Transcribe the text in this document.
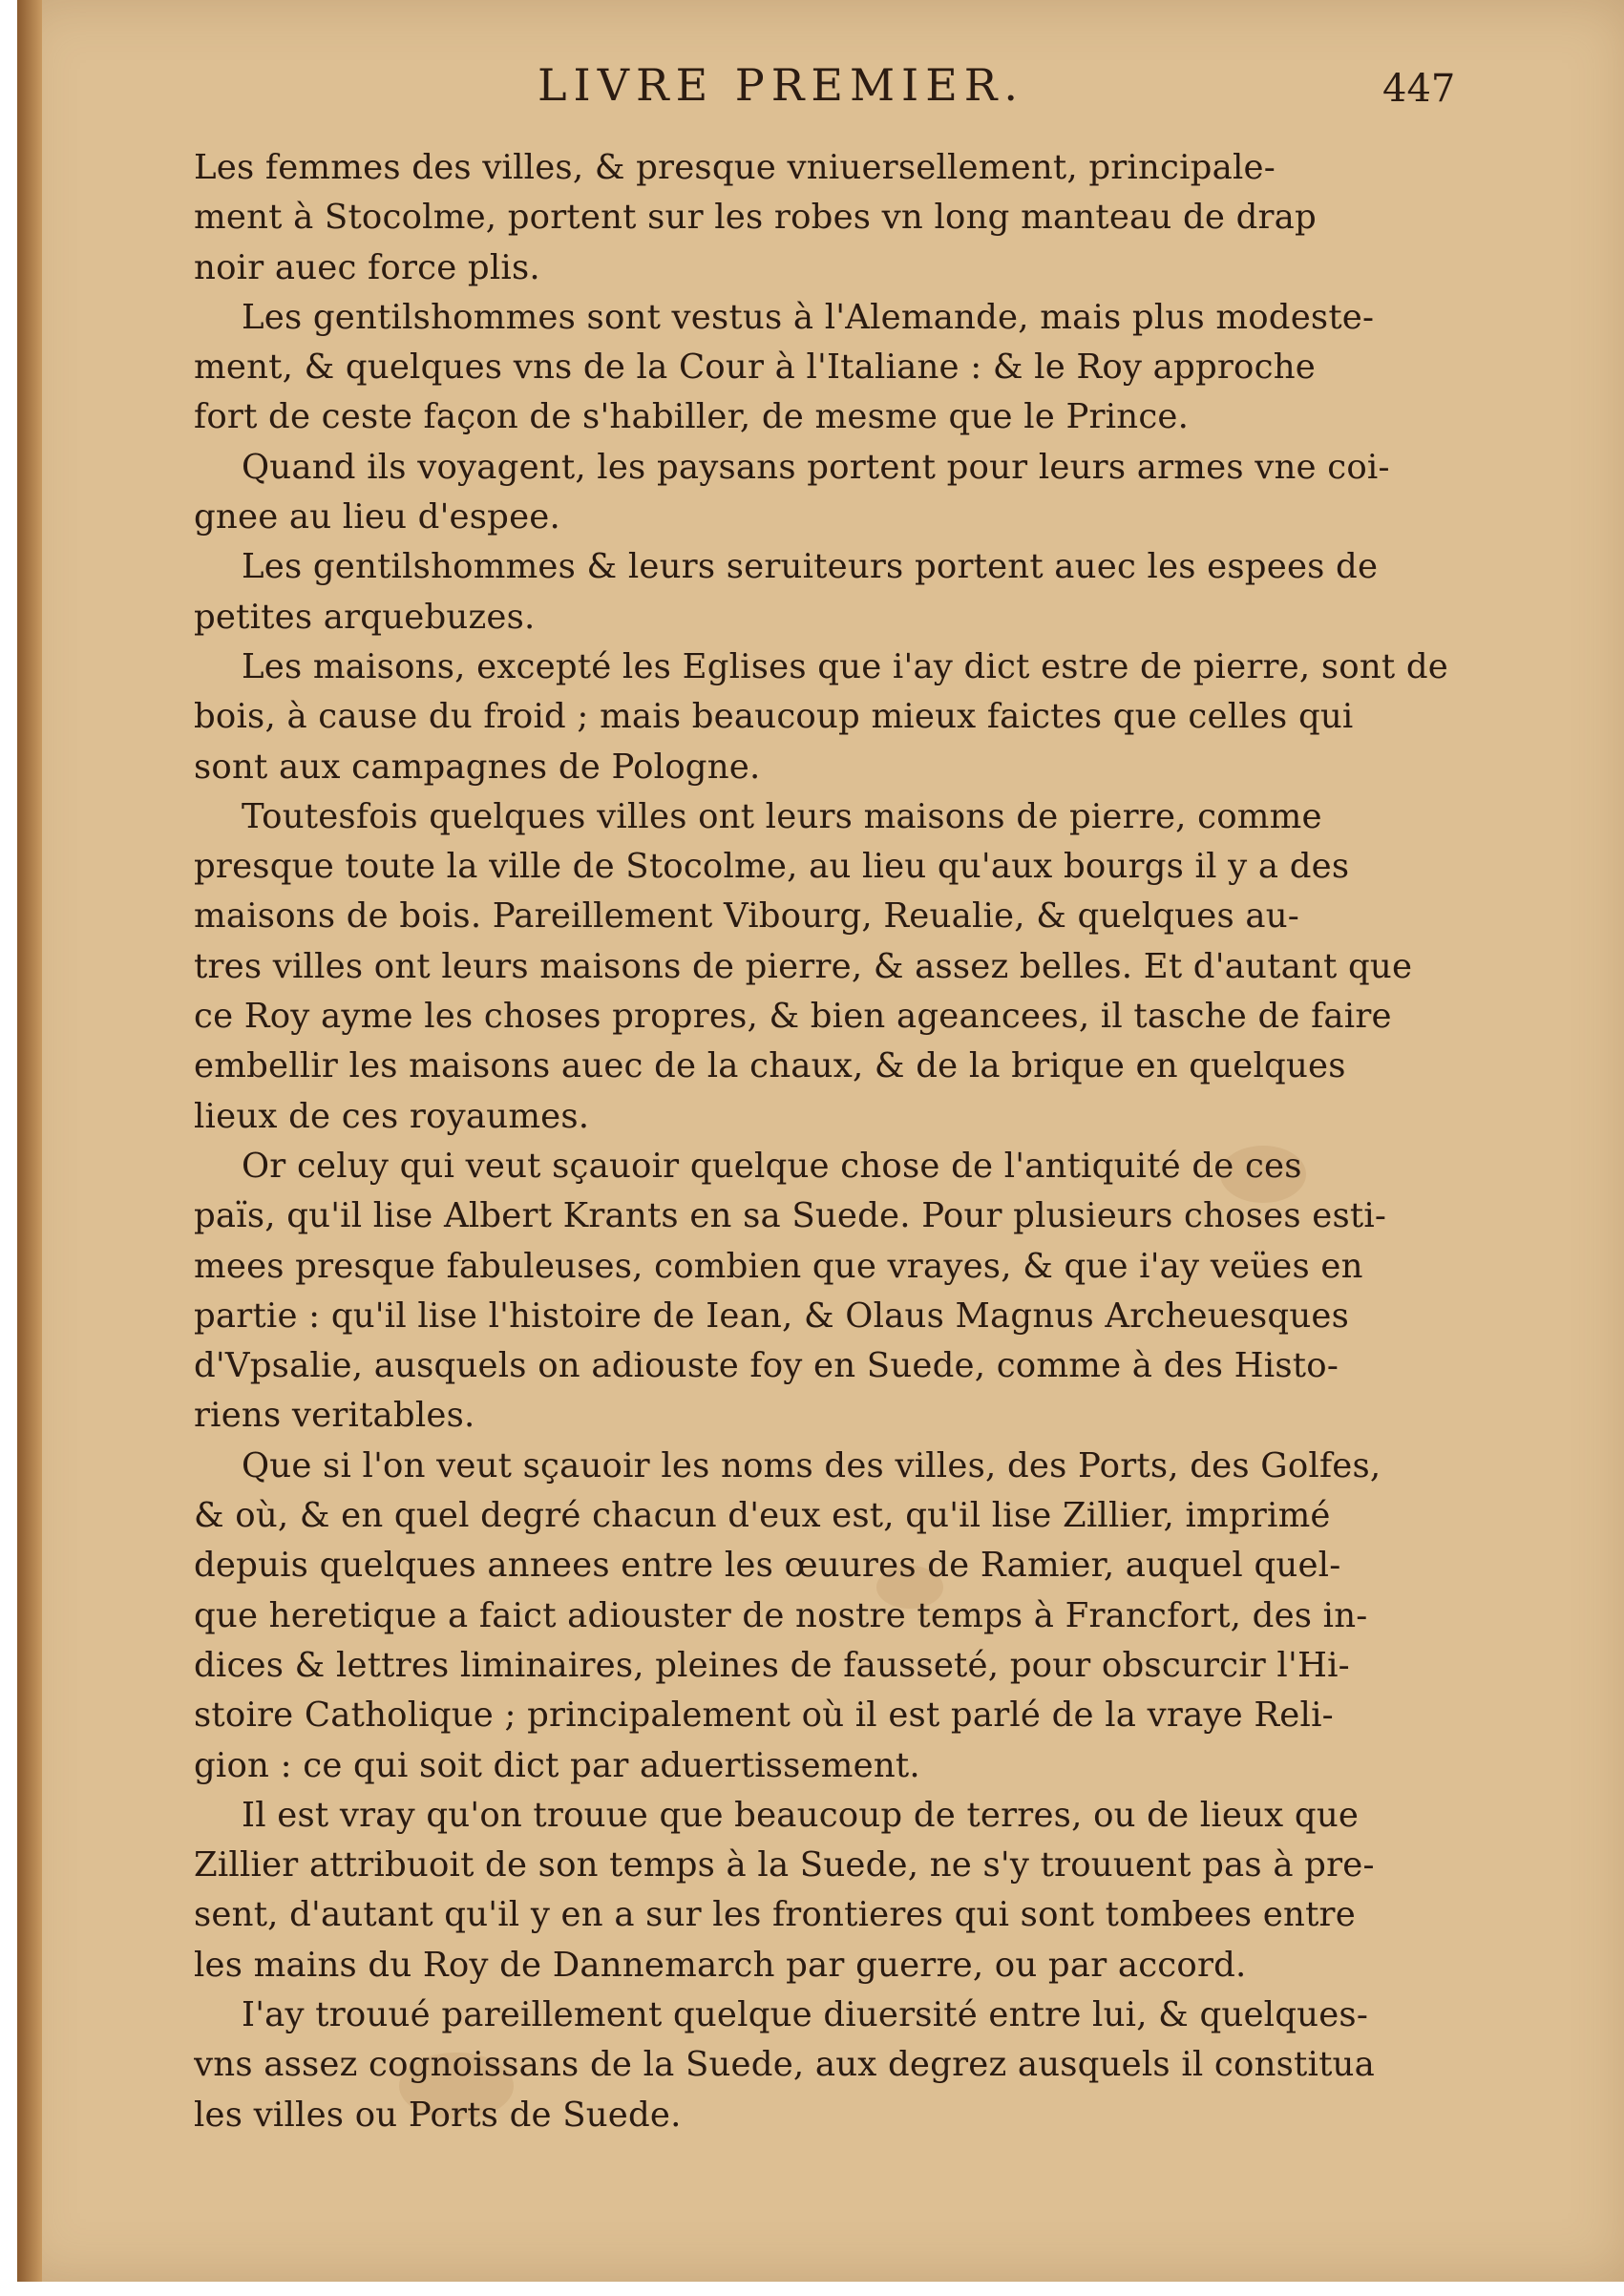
LIVRE PREMIER.	447
Les femmes des villes, & presque vniuersellement, principale-
ment à Stocolme, portent sur les robes vn long manteau de drap
noir auec force plis.
Les gentilshommes sont vestus à l'Alemande, mais plus modeste-
ment, & quelques vns de la Cour à l'Italiane : & le Roy approche
fort de ceste façon de s'habiller, de mesme que le Prince.
Quand ils voyagent, les paysans portent pour leurs armes vne coi-
gnee au lieu d'espee.
Les gentilshommes & leurs seruiteurs portent auec les espees de
petites arquebuzes.
Les maisons, excepté les Eglises que i'ay dict estre de pierre, sont de
bois, à cause du froid ; mais beaucoup mieux faictes que celles qui
sont aux campagnes de Pologne.
Toutesfois quelques villes ont leurs maisons de pierre, comme
presque toute la ville de Stocolme, au lieu qu'aux bourgs il y a des
maisons de bois. Pareillement Vibourg, Reualie, & quelques au-
tres villes ont leurs maisons de pierre, & assez belles. Et d'autant que
ce Roy ayme les choses propres, & bien ageancees, il tasche de faire
embellir les maisons auec de la chaux, & de la brique en quelques
lieux de ces royaumes.
Or celuy qui veut sçauoir quelque chose de l'antiquité de ces
païs, qu'il lise Albert Krants en sa Suede. Pour plusieurs choses esti-
mees presque fabuleuses, combien que vrayes, & que i'ay veües en
partie : qu'il lise l'histoire de Iean, & Olaus Magnus Archeuesques
d'Vpsalie, ausquels on adiouste foy en Suede, comme à des Histo-
riens veritables.
Que si l'on veut sçauoir les noms des villes, des Ports, des Golfes,
& où, & en quel degré chacun d'eux est, qu'il lise Zillier, imprimé
depuis quelques annees entre les œuures de Ramier, auquel quel-
que heretique a faict adiouster de nostre temps à Francfort, des in-
dices & lettres liminaires, pleines de fausseté, pour obscurcir l'Hi-
stoire Catholique ; principalement où il est parlé de la vraye Reli-
gion : ce qui soit dict par aduertissement.
Il est vray qu'on trouue que beaucoup de terres, ou de lieux que
Zillier attribuoit de son temps à la Suede, ne s'y trouuent pas à pre-
sent, d'autant qu'il y en a sur les frontieres qui sont tombees entre
les mains du Roy de Dannemarch par guerre, ou par accord.
I'ay trouué pareillement quelque diuersité entre lui, & quelques-
vns assez cognoissans de la Suede, aux degrez ausquels il constitua
les villes ou Ports de Suede.
